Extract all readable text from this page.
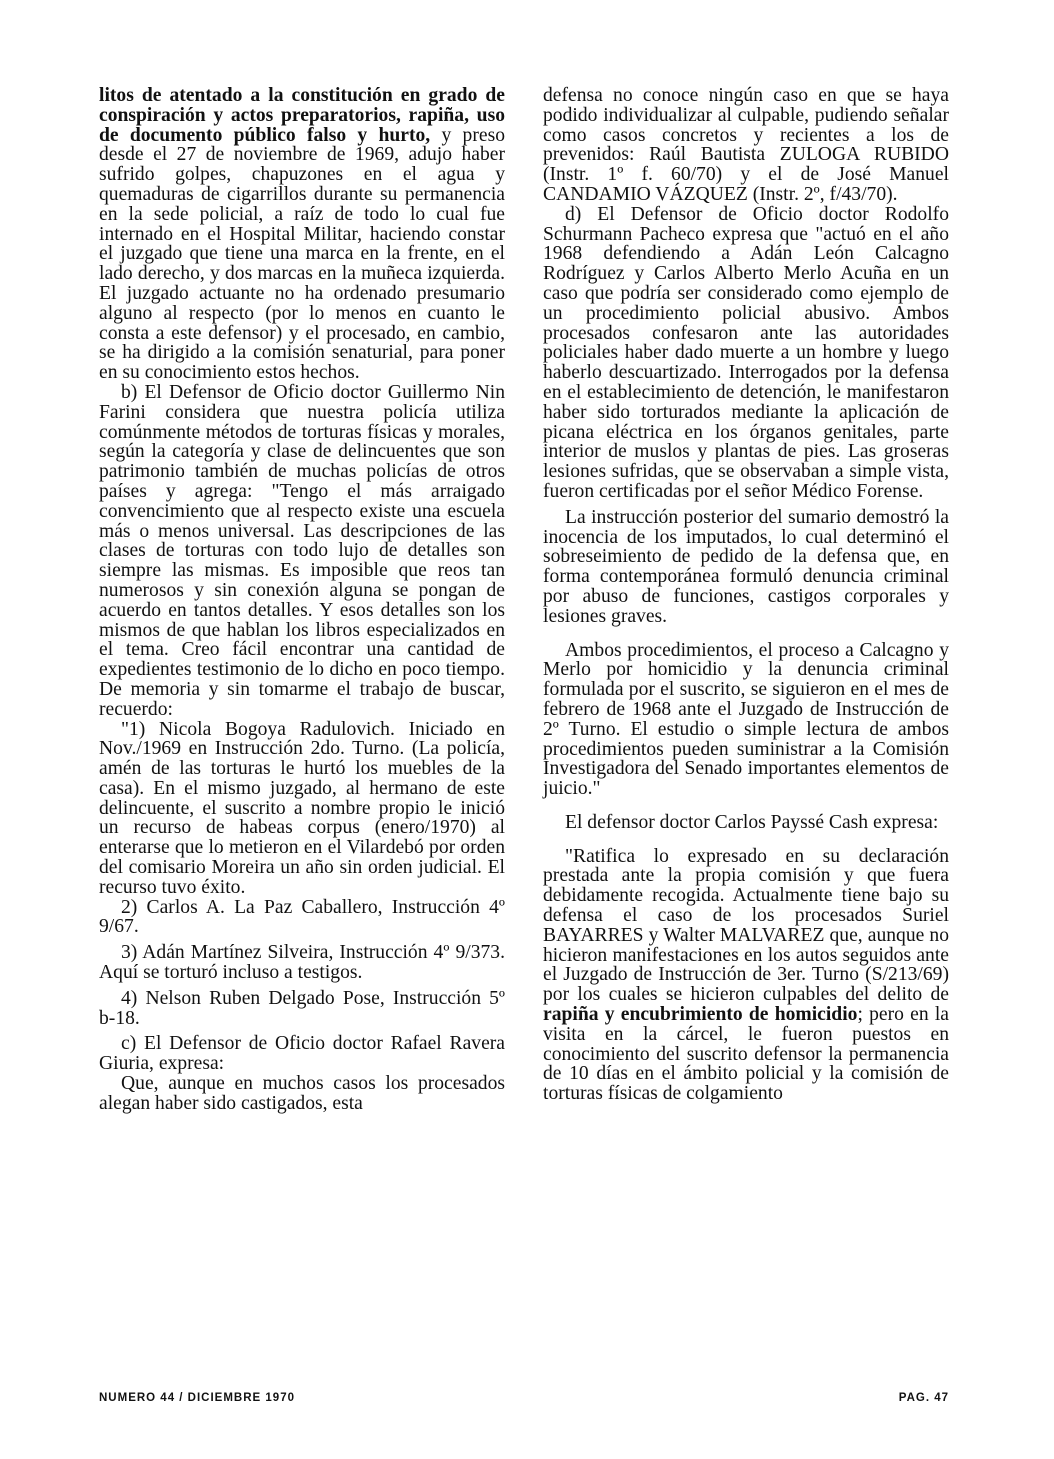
litos de atentado a la constitución en grado de conspiración y actos preparatorios, rapiña, uso de documento público falso y hurto, y preso desde el 27 de noviembre de 1969, adujo haber sufrido golpes, chapuzones en el agua y quemaduras de cigarrillos durante su permanencia en la sede policial, a raíz de todo lo cual fue internado en el Hospital Militar, haciendo constar el juzgado que tiene una marca en la frente, en el lado derecho, y dos marcas en la muñeca izquierda. El juzgado actuante no ha ordenado presumario alguno al respecto (por lo menos en cuanto le consta a este defensor) y el procesado, en cambio, se ha dirigido a la comisión senaturial, para poner en su conocimiento estos hechos.

b) El Defensor de Oficio doctor Guillermo Nin Farini considera que nuestra policía utiliza comúnmente métodos de torturas físicas y morales, según la categoría y clase de delincuentes que son patrimonio también de muchas policías de otros países y agrega: "Tengo el más arraigado convencimiento que al respecto existe una escuela más o menos universal. Las descripciones de las clases de torturas con todo lujo de detalles son siempre las mismas. Es imposible que reos tan numerosos y sin conexión alguna se pongan de acuerdo en tantos detalles. Y esos detalles son los mismos de que hablan los libros especializados en el tema. Creo fácil encontrar una cantidad de expedientes testimonio de lo dicho en poco tiempo. De memoria y sin tomarme el trabajo de buscar, recuerdo:

"1) Nicola Bogoya Radulovich. Iniciado en Nov./1969 en Instrucción 2do. Turno. (La policía, amén de las torturas le hurtó los muebles de la casa). En el mismo juzgado, al hermano de este delincuente, el suscrito a nombre propio le inició un recurso de habeas corpus (enero/1970) al enterarse que lo metieron en el Vilardebó por orden del comisario Moreira un año sin orden judicial. El recurso tuvo éxito.

2) Carlos A. La Paz Caballero, Instrucción 4º 9/67.

3) Adán Martínez Silveira, Instrucción 4º 9/373. Aquí se torturó incluso a testigos.

4) Nelson Ruben Delgado Pose, Instrucción 5º b-18.

c) El Defensor de Oficio doctor Rafael Ravera Giuria, expresa:

Que, aunque en muchos casos los procesados alegan haber sido castigados, esta

defensa no conoce ningún caso en que se haya podido individualizar al culpable, pudiendo señalar como casos concretos y recientes a los de prevenidos: Raúl Bautista ZULOGA RUBIDO (Instr. 1º f. 60/70) y el de José Manuel CANDAMIO VÁZQUEZ (Instr. 2º, f/43/70).

d) El Defensor de Oficio doctor Rodolfo Schurmann Pacheco expresa que "actuó en el año 1968 defendiendo a Adán León Calcagno Rodríguez y Carlos Alberto Merlo Acuña en un caso que podría ser considerado como ejemplo de un procedimiento policial abusivo. Ambos procesados confesaron ante las autoridades policiales haber dado muerte a un hombre y luego haberlo descuartizado. Interrogados por la defensa en el establecimiento de detención, le manifestaron haber sido torturados mediante la aplicación de picana eléctrica en los órganos genitales, parte interior de muslos y plantas de pies. Las groseras lesiones sufridas, que se observaban a simple vista, fueron certificadas por el señor Médico Forense.

La instrucción posterior del sumario demostró la inocencia de los imputados, lo cual determinó el sobreseimiento de pedido de la defensa que, en forma contemporánea formuló denuncia criminal por abuso de funciones, castigos corporales y lesiones graves.

Ambos procedimientos, el proceso a Calcagno y Merlo por homicidio y la denuncia criminal formulada por el suscrito, se siguieron en el mes de febrero de 1968 ante el Juzgado de Instrucción de 2º Turno. El estudio o simple lectura de ambos procedimientos pueden suministrar a la Comisión Investigadora del Senado importantes elementos de juicio."

El defensor doctor Carlos Payssé Cash expresa:

"Ratifica lo expresado en su declaración prestada ante la propia comisión y que fuera debidamente recogida. Actualmente tiene bajo su defensa el caso de los procesados Suriel BAYARRES y Walter MALVAREZ que, aunque no hicieron manifestaciones en los autos seguidos ante el Juzgado de Instrucción de 3er. Turno (S/213/69) por los cuales se hicieron culpables del delito de rapiña y encubrimiento de homicidio; pero en la visita en la cárcel, le fueron puestos en conocimiento del suscrito defensor la permanencia de 10 días en el ámbito policial y la comisión de torturas físicas de colgamiento

NUMERO 44 / DICIEMBRE 1970	PAG. 47
